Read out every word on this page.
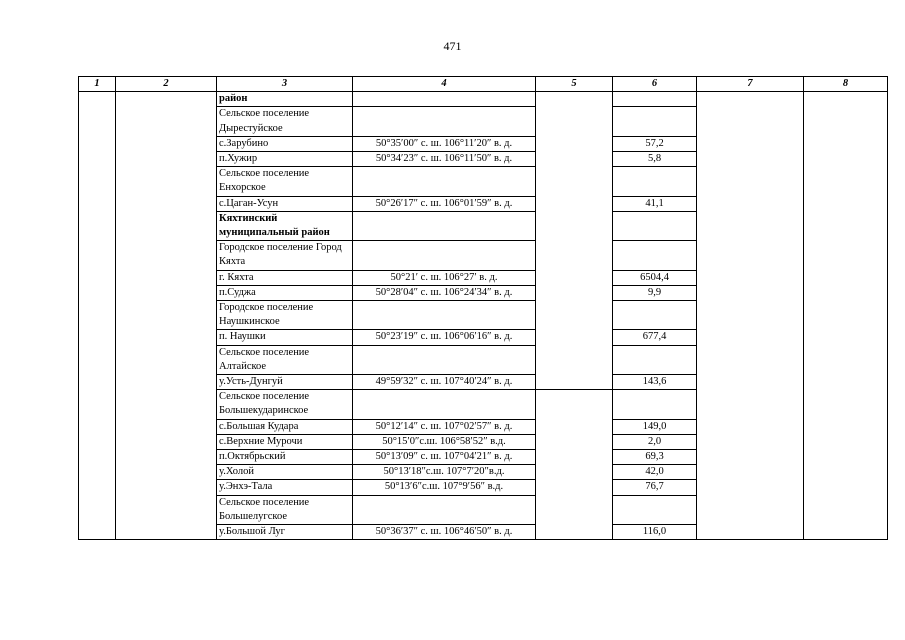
471
1	2	3	4	5	6	7	8
		район					
		Сельское поселение Дырестуйское					
		с.Зарубино	50°35′00″ с. ш. 106°11′20″ в. д.		57,2		
		п.Хужир	50°34′23″ с. ш. 106°11′50″ в. д.		5,8		
		Сельское поселение Енхорское					
		с.Цаган-Усун	50°26′17″ с. ш. 106°01′59″ в. д.		41,1		
		Кяхтинский муниципальный район					
		Городское поселение Город Кяхта					
		г. Кяхта	50°21′ с. ш. 106°27′ в. д.		6504,4		
		п.Суджа	50°28′04″ с. ш. 106°24′34″ в. д.		9,9		
		Городское поселение Наушкинское					
		п. Наушки	50°23′19″ с. ш. 106°06′16″ в. д.		677,4		
		Сельское поселение Алтайское					
		у.Усть-Дунгуй	49°59′32″ с. ш. 107°40′24″ в. д.		143,6		
		Сельское поселение Большекударинское					
		с.Большая Кудара	50°12′14″ с. ш. 107°02′57″ в. д.		149,0		
		с.Верхние Мурочи	50°15′0″с.ш. 106°58′52″ в.д.		2,0		
		п.Октябрьский	50°13′09″ с. ш. 107°04′21″ в. д.		69,3		
		у.Холой	50°13′18″с.ш. 107°7′20″в.д.		42,0		
		у.Энхэ-Тала	50°13′6″с.ш. 107°9′56″ в.д.		76,7		
		Сельское поселение Большелугское					
		у.Большой Луг	50°36′37″ с. ш. 106°46′50″ в. д.		116,0		
